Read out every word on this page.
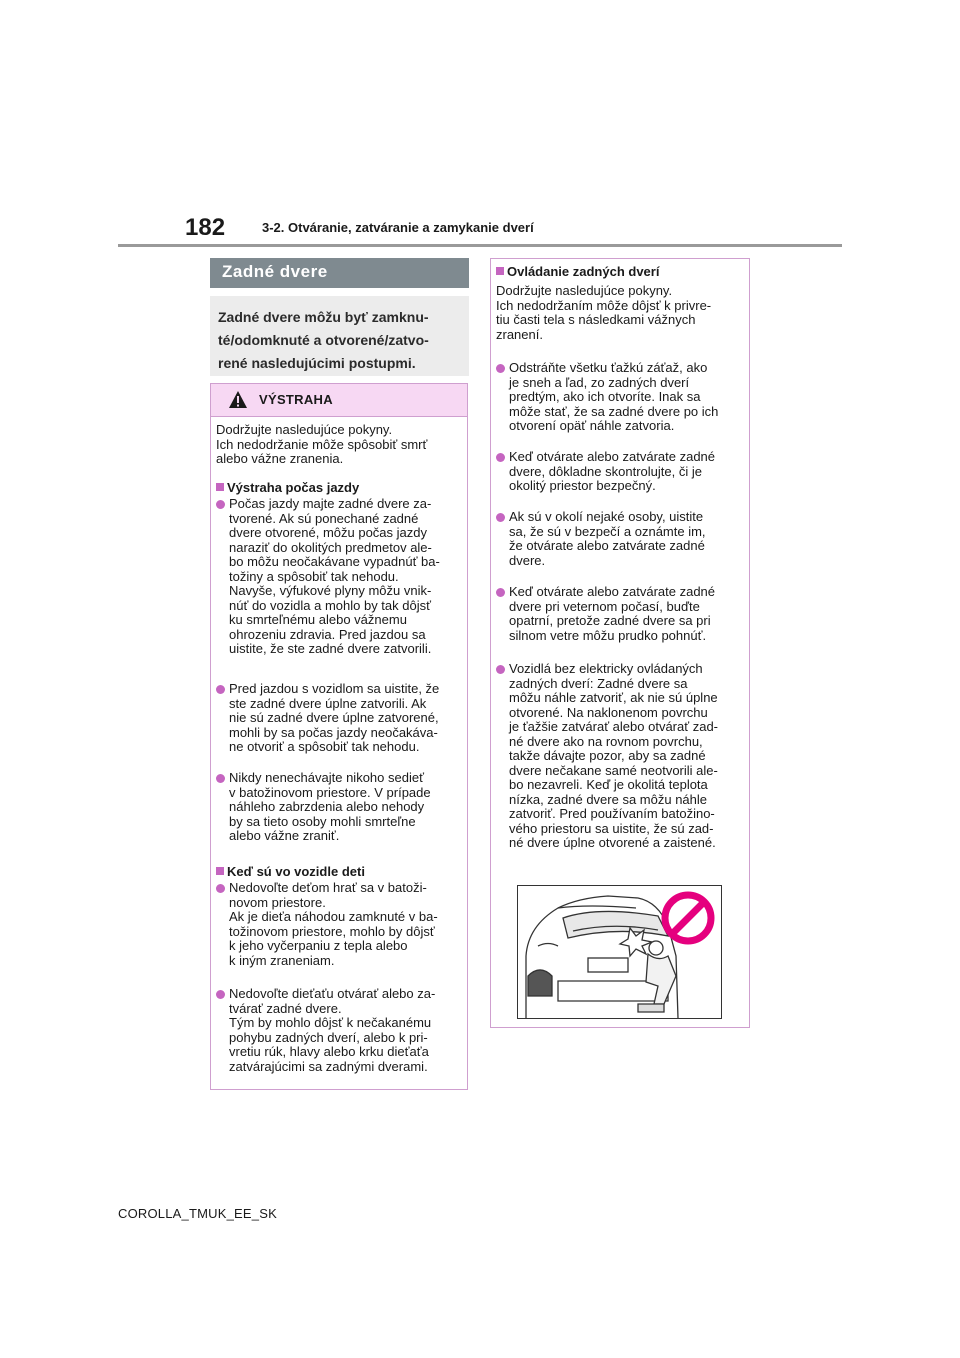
182	3-2. Otváranie, zatváranie a zamykanie dverí
Zadné dvere

Zadné dvere môžu byť zamknu-
té/odomknuté a otvorené/zatvo-
rené nasledujúcimi postupmi.

VÝSTRAHA
Dodržujte nasledujúce pokyny.
Ich nedodržanie môže spôsobiť smrť
alebo vážne zranenia.
Výstraha počas jazdy
Počas jazdy majte zadné dvere za-
tvorené. Ak sú ponechané zadné
dvere otvorené, môžu počas jazdy
naraziť do okolitých predmetov ale-
bo môžu neočakávane vypadnúť ba-
tožiny a spôsobiť tak nehodu.
Navyše, výfukové plyny môžu vnik-
núť do vozidla a mohlo by tak dôjsť
ku smrteľnému alebo vážnemu
ohrozeniu zdravia. Pred jazdou sa
uistite, že ste zadné dvere zatvorili.
Pred jazdou s vozidlom sa uistite, že
ste zadné dvere úplne zatvorili. Ak
nie sú zadné dvere úplne zatvorené,
mohli by sa počas jazdy neočakáva-
ne otvoriť a spôsobiť tak nehodu.
Nikdy nenechávajte nikoho sedieť
v batožinovom priestore. V prípade
náhleho zabrzdenia alebo nehody
by sa tieto osoby mohli smrteľne
alebo vážne zraniť.
Keď sú vo vozidle deti
Nedovoľte deťom hrať sa v batoži-
novom priestore.
Ak je dieťa náhodou zamknuté v ba-
tožinovom priestore, mohlo by dôjsť
k jeho vyčerpaniu z tepla alebo
k iným zraneniam.
Nedovoľte dieťaťu otvárať alebo za-
tvárať zadné dvere.
Tým by mohlo dôjsť k nečakanému
pohybu zadných dverí, alebo k pri-
vretiu rúk, hlavy alebo krku dieťaťa
zatvárajúcimi sa zadnými dverami.
Ovládanie zadných dverí
Dodržujte nasledujúce pokyny.
Ich nedodržaním môže dôjsť k privre-
tiu časti tela s následkami vážnych
zranení.
Odstráňte všetku ťažkú záťaž, ako
je sneh a ľad, zo zadných dverí
predtým, ako ich otvoríte. Inak sa
môže stať, že sa zadné dvere po ich
otvorení opäť náhle zatvoria.
Keď otvárate alebo zatvárate zadné
dvere, dôkladne skontrolujte, či je
okolitý priestor bezpečný.
Ak sú v okolí nejaké osoby, uistite
sa, že sú v bezpečí a oznámte im,
že otvárate alebo zatvárate zadné
dvere.
Keď otvárate alebo zatvárate zadné
dvere pri veternom počasí, buďte
opatrní, pretože zadné dvere sa pri
silnom vetre môžu prudko pohnúť.
Vozidlá bez elektricky ovládaných
zadných dverí: Zadné dvere sa
môžu náhle zatvoriť, ak nie sú úplne
otvorené. Na naklonenom povrchu
je ťažšie zatvárať alebo otvárať zad-
né dvere ako na rovnom povrchu,
takže dávajte pozor, aby sa zadné
dvere nečakane samé neotvorili ale-
bo nezavreli. Keď je okolitá teplota
nízka, zadné dvere sa môžu náhle
zatvoriť. Pred používaním batožino-
vého priestoru sa uistite, že sú zad-
né dvere úplne otvorené a zaistené.
COROLLA_TMUK_EE_SK
